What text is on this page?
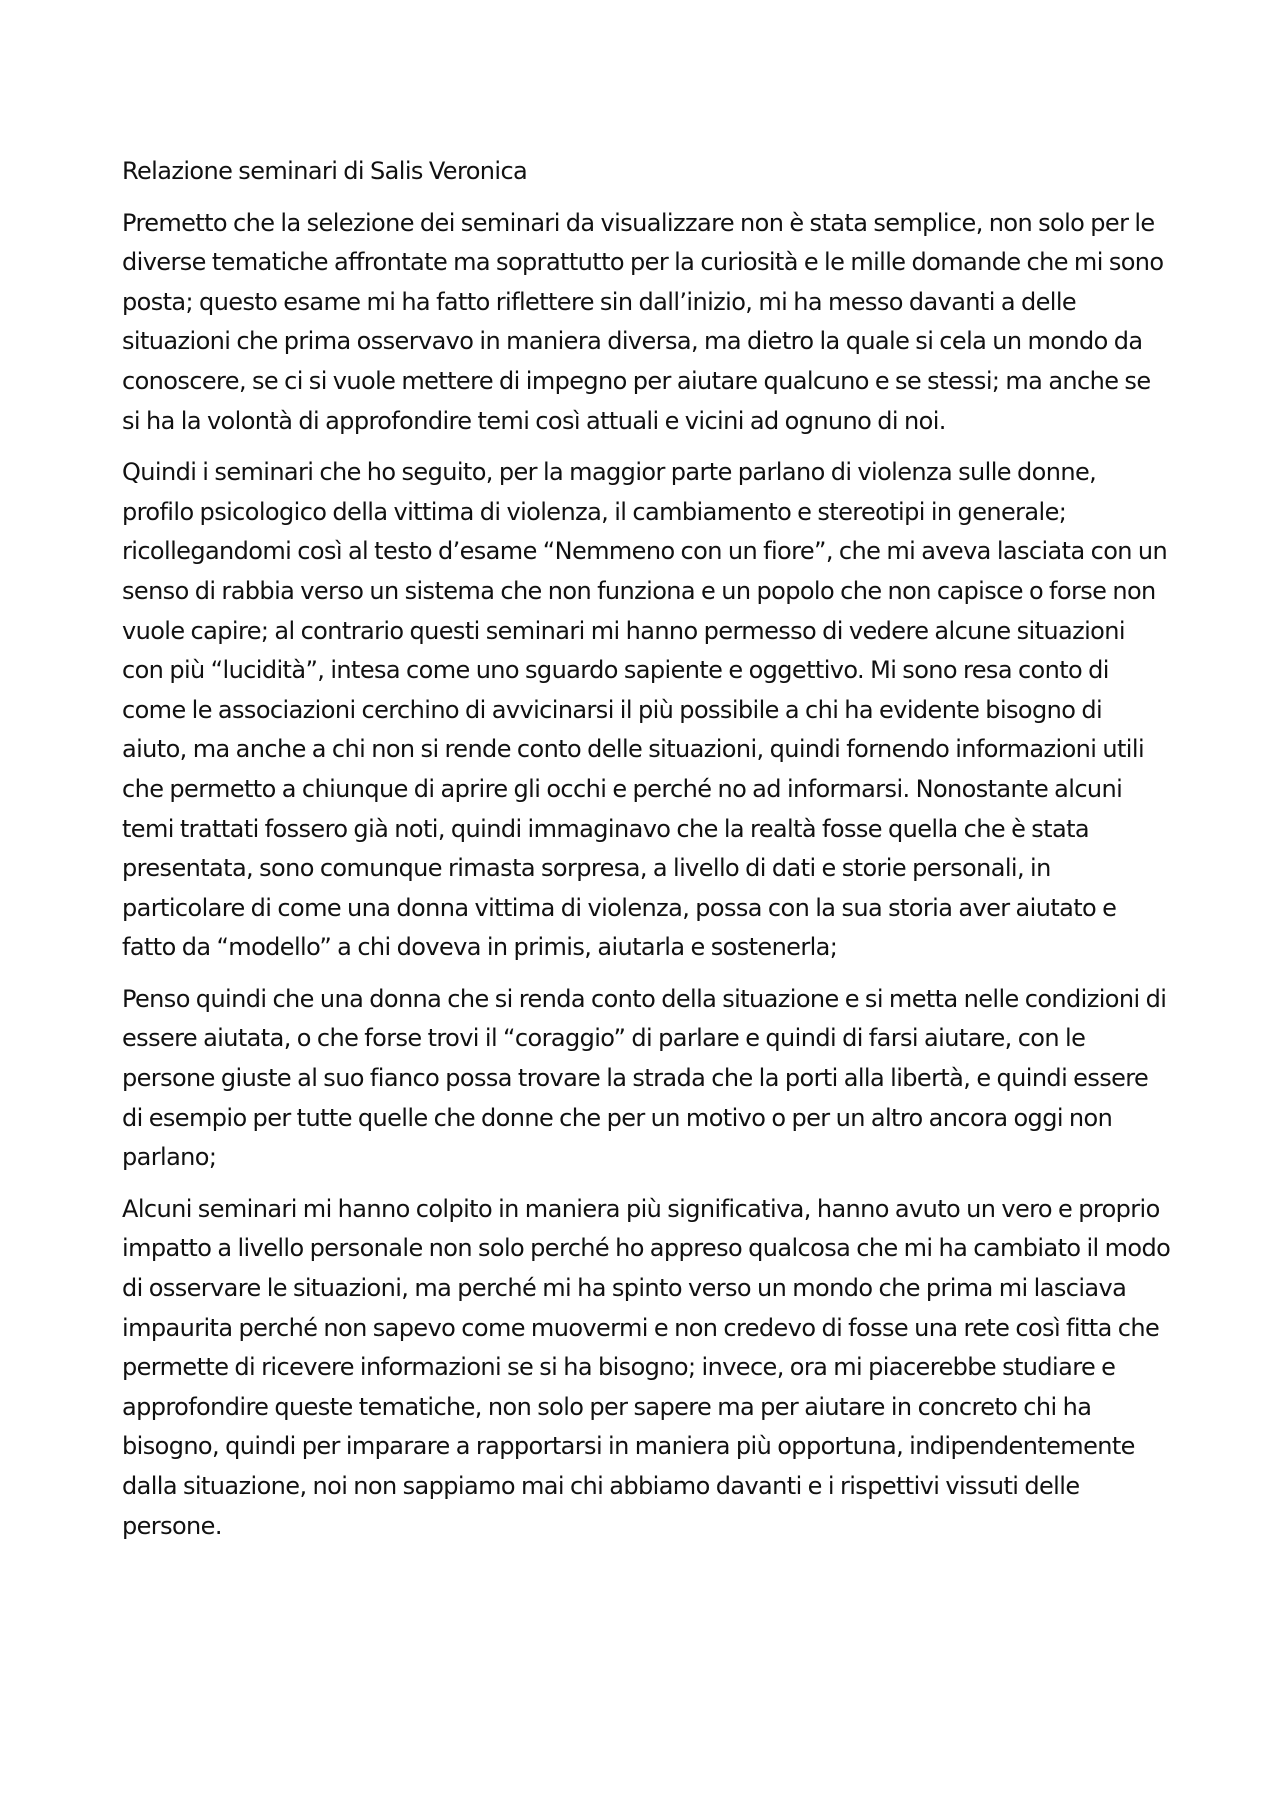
Relazione seminari di Salis Veronica

Premetto che la selezione dei seminari da visualizzare non è stata semplice, non solo per le diverse tematiche affrontate ma soprattutto per la curiosità e le mille domande che mi sono posta; questo esame mi ha fatto riflettere sin dall’inizio, mi ha messo davanti a delle situazioni che prima osservavo in maniera diversa, ma dietro la quale si cela un mondo da conoscere, se ci si vuole mettere di impegno per aiutare qualcuno e se stessi; ma anche se si ha la volontà di approfondire temi così attuali e vicini ad ognuno di noi.

Quindi i seminari che ho seguito, per la maggior parte parlano di violenza sulle donne, profilo psicologico della vittima di violenza, il cambiamento e stereotipi in generale; ricollegandomi così al testo d’esame “Nemmeno con un fiore”, che mi aveva lasciata con un senso di rabbia verso un sistema che non funziona e un popolo che non capisce o forse non vuole capire; al contrario questi seminari mi hanno permesso di vedere alcune situazioni con più “lucidità”, intesa come uno sguardo sapiente e oggettivo. Mi sono resa conto di come le associazioni cerchino di avvicinarsi il più possibile a chi ha evidente bisogno di aiuto, ma anche a chi non si rende conto delle situazioni, quindi fornendo informazioni utili che permetto a chiunque di aprire gli occhi e perché no ad informarsi. Nonostante alcuni temi trattati fossero già noti, quindi immaginavo che la realtà fosse quella che è stata presentata, sono comunque rimasta sorpresa, a livello di dati e storie personali, in particolare di come una donna vittima di violenza, possa con la sua storia aver aiutato e fatto da “modello” a chi doveva in primis, aiutarla e sostenerla;

Penso quindi che una donna che si renda conto della situazione e si metta nelle condizioni di essere aiutata, o che forse trovi il “coraggio” di parlare e quindi di farsi aiutare, con le persone giuste al suo fianco possa trovare la strada che la porti alla libertà, e quindi essere di esempio per tutte quelle che donne che per un motivo o per un altro ancora oggi non parlano;

Alcuni seminari mi hanno colpito in maniera più significativa, hanno avuto un vero e proprio impatto a livello personale non solo perché ho appreso qualcosa che mi ha cambiato il modo di osservare le situazioni, ma perché mi ha spinto verso un mondo che prima mi lasciava impaurita perché non sapevo come muovermi e non credevo di fosse una rete così fitta che permette di ricevere informazioni se si ha bisogno; invece, ora mi piacerebbe studiare e approfondire queste tematiche, non solo per sapere ma per aiutare in concreto chi ha bisogno, quindi per imparare a rapportarsi in maniera più opportuna, indipendentemente dalla situazione, noi non sappiamo mai chi abbiamo davanti e i rispettivi vissuti delle persone.
